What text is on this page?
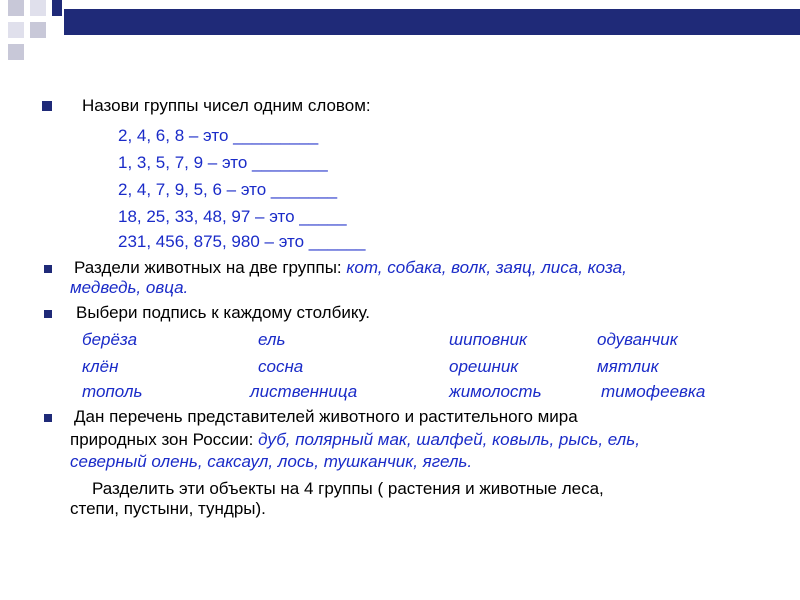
Назови группы чисел одним словом:
2, 4, 6, 8 – это _________
1, 3, 5, 7, 9 – это ________
2, 4, 7, 9, 5, 6 – это _______
18, 25, 33, 48, 97 – это _____
231, 456, 875, 980 – это ______
Раздели животных на две группы: кот, собака, волк, заяц, лиса, коза,
медведь, овца.
Выбери подпись к каждому столбику.
берёза
клён
тополь
ель
сосна
лиственница
шиповник
орешник
жимолость
одуванчик
мятлик
тимофеевка
Дан перечень представителей животного и растительного мира
природных зон России: дуб, полярный мак, шалфей, ковыль, рысь, ель,
северный олень, саксаул, лось, тушканчик, ягель.
Разделить эти объекты на 4 группы ( растения и животные леса,
степи, пустыни, тундры).
